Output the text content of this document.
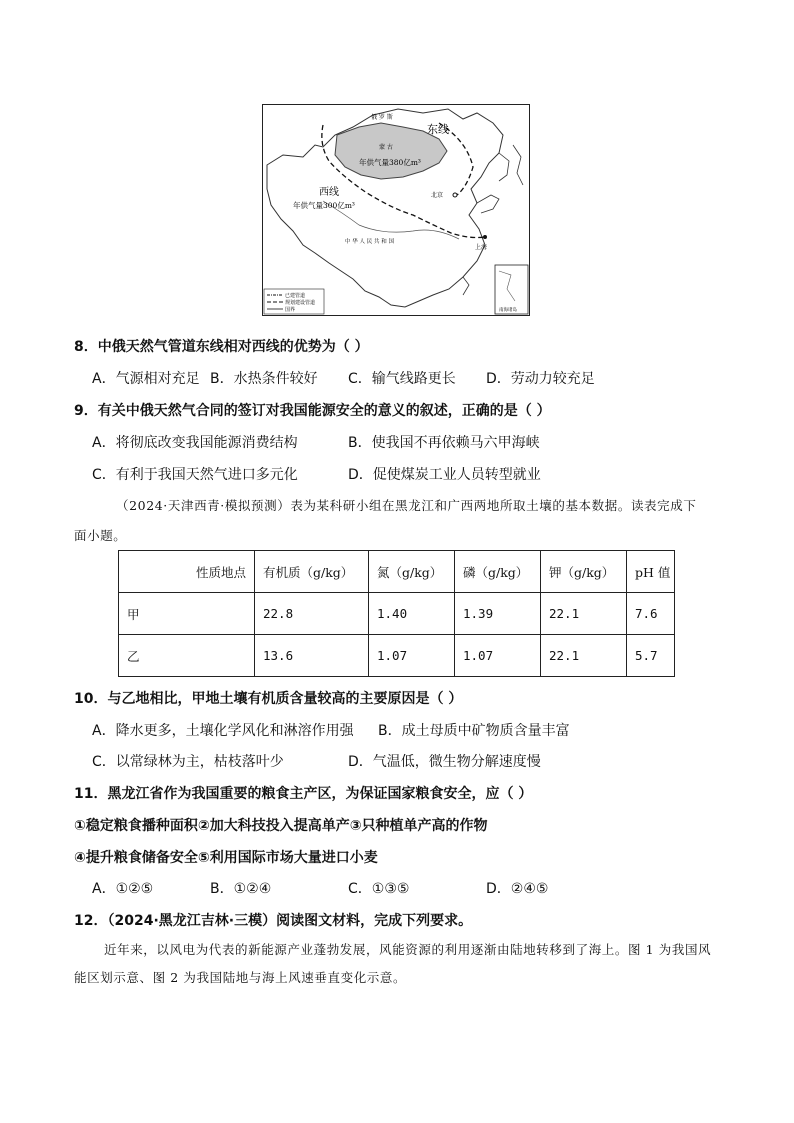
俄 罗 斯
东线
蒙 古
年供气量380亿m³
西线
年供气量300亿m³
北京
中 华 人 民 共 和 国
上海
已建管道
规划建设管道
国界	南海诸岛
8．中俄天然气管道东线相对西线的优势为（ ）
A．气源相对充足 B．水热条件较好 C．输气线路更长 D．劳动力较充足
9．有关中俄天然气合同的签订对我国能源安全的意义的叙述，正确的是（ ）
A．将彻底改变我国能源消费结构	B．使我国不再依赖马六甲海峡
C．有利于我国天然气进口多元化	D．促使煤炭工业人员转型就业
（2024·天津西青·模拟预测）表为某科研小组在黑龙江和广西两地所取土壤的基本数据。读表完成下
面小题。
性质地点	有机质（g/kg）	氮（g/kg）	磷（g/kg）	钾（g/kg）	pH 值
甲	22.8	1.40	1.39	22.1	7.6
乙	13.6	1.07	1.07	22.1	5.7
10．与乙地相比，甲地土壤有机质含量较高的主要原因是（ ）
A．降水更多，土壤化学风化和淋溶作用强 B．成土母质中矿物质含量丰富
C．以常绿林为主，枯枝落叶少	D．气温低，微生物分解速度慢
11．黑龙江省作为我国重要的粮食主产区，为保证国家粮食安全，应（ ）
①稳定粮食播种面积②加大科技投入提高单产③只种植单产高的作物
④提升粮食储备安全⑤利用国际市场大量进口小麦
A．①②⑤	B．①②④	C．①③⑤	D．②④⑤
12．（2024·黑龙江吉林·三模）阅读图文材料，完成下列要求。
近年来，以风电为代表的新能源产业蓬勃发展，风能资源的利用逐渐由陆地转移到了海上。图 1 为我国风能区划示意、图 2 为我国陆地与海上风速垂直变化示意。
